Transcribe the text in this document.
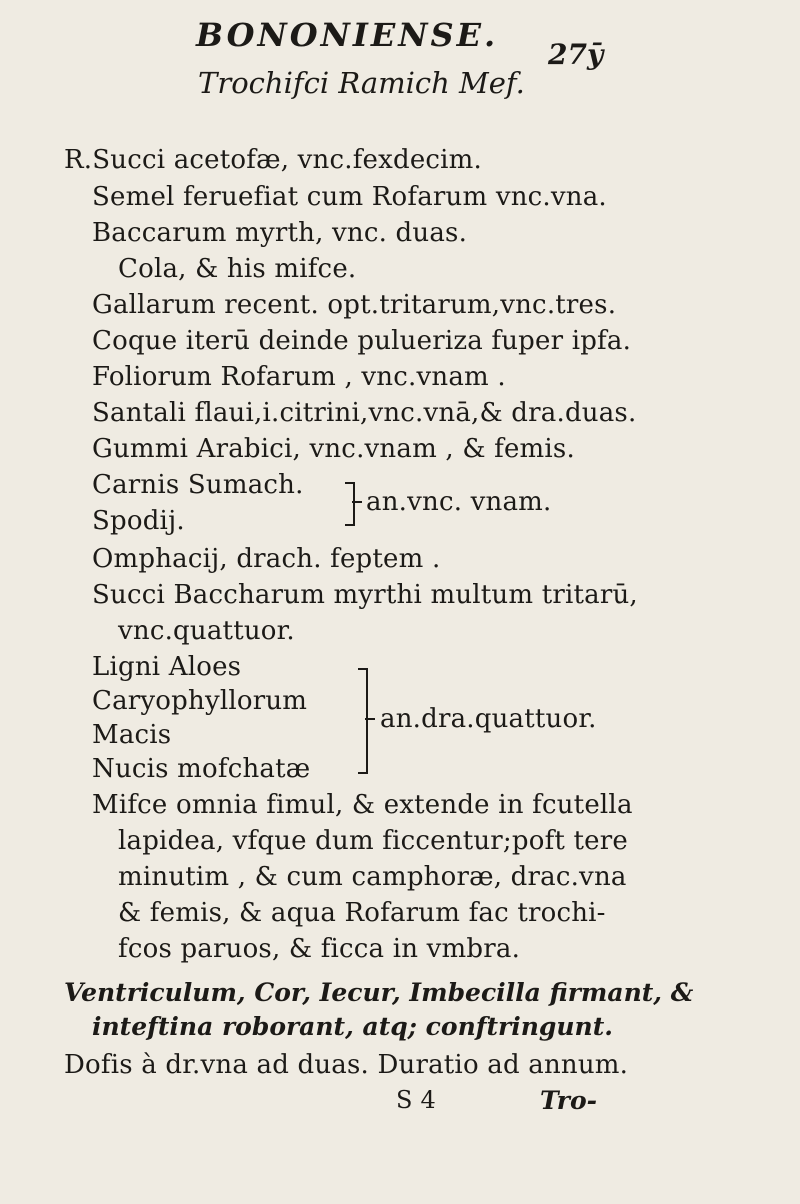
BONONIENSE.
27ȳ
Trochifci Ramich Mef.
R.Succi acetofæ, vnc.fexdecim.
Semel feruefiat cum Rofarum vnc.vna.
Baccarum myrth, vnc. duas.
Cola, & his mifce.
Gallarum recent. opt.tritarum,vnc.tres.
Coque iterū deinde pulueriza fuper ipfa.
Foliorum Rofarum , vnc.vnam .
Santali flaui,i.citrini,vnc.vnā,& dra.duas.
Gummi Arabici, vnc.vnam , & femis.
Carnis Sumach.
Spodij.
an.vnc. vnam.
Omphacij, drach. feptem .
Succi Baccharum myrthi multum tritarū,
vnc.quattuor.
Ligni Aloes
Caryophyllorum
Macis
Nucis mofchatæ
an.dra.quattuor.
Mifce omnia fimul, & extende in fcutella
lapidea, vfque dum ficcentur;poft tere
minutim , & cum camphoræ, drac.vna
& femis, & aqua Rofarum fac trochi-
fcos paruos, & ficca in vmbra.
Ventriculum, Cor, Iecur, Imbecilla firmant, &
inteftina roborant, atq; conftringunt.
Dofis à dr.vna ad duas. Duratio ad annum.
S 4	Tro-
